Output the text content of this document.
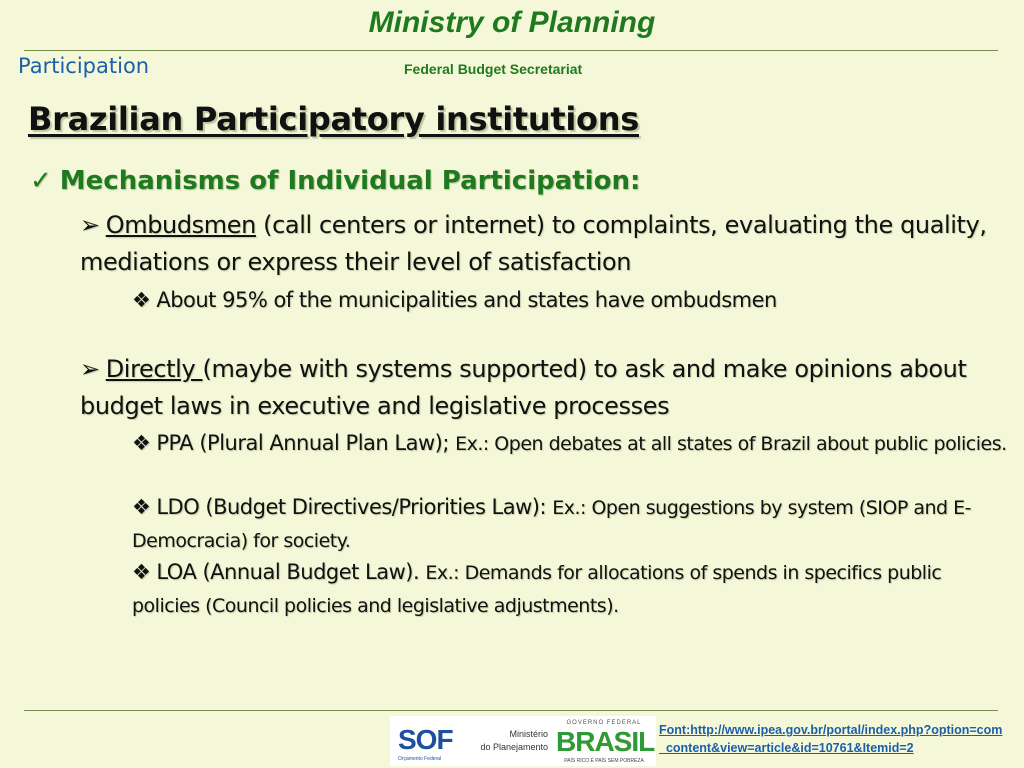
Ministry of Planning
Participation	Federal Budget Secretariat
Brazilian Participatory institutions
✓ Mechanisms of Individual Participation:
➢ Ombudsmen (call centers or internet) to complaints, evaluating the quality, mediations or express their level of satisfaction
❖ About 95% of the municipalities and states have ombudsmen
➢ Directly (maybe with systems supported) to ask and make opinions about budget laws in executive and legislative processes
❖ PPA (Plural Annual Plan Law); Ex.: Open debates at all states of Brazil about public policies.
❖ LDO (Budget Directives/Priorities Law): Ex.: Open suggestions by system (SIOP and E-Democracia) for society.
❖ LOA (Annual Budget Law). Ex.: Demands for allocations of spends in specifics public policies (Council policies and legislative adjustments).
SOF
Orçamento Federal
Ministério
do Planejamento
GOVERNO FEDERAL
BRASIL
PAÍS RICO É PAÍS SEM POBREZA
Font:http://www.ipea.gov.br/portal/index.php?option=com_content&view=article&id=10761&Itemid=2
